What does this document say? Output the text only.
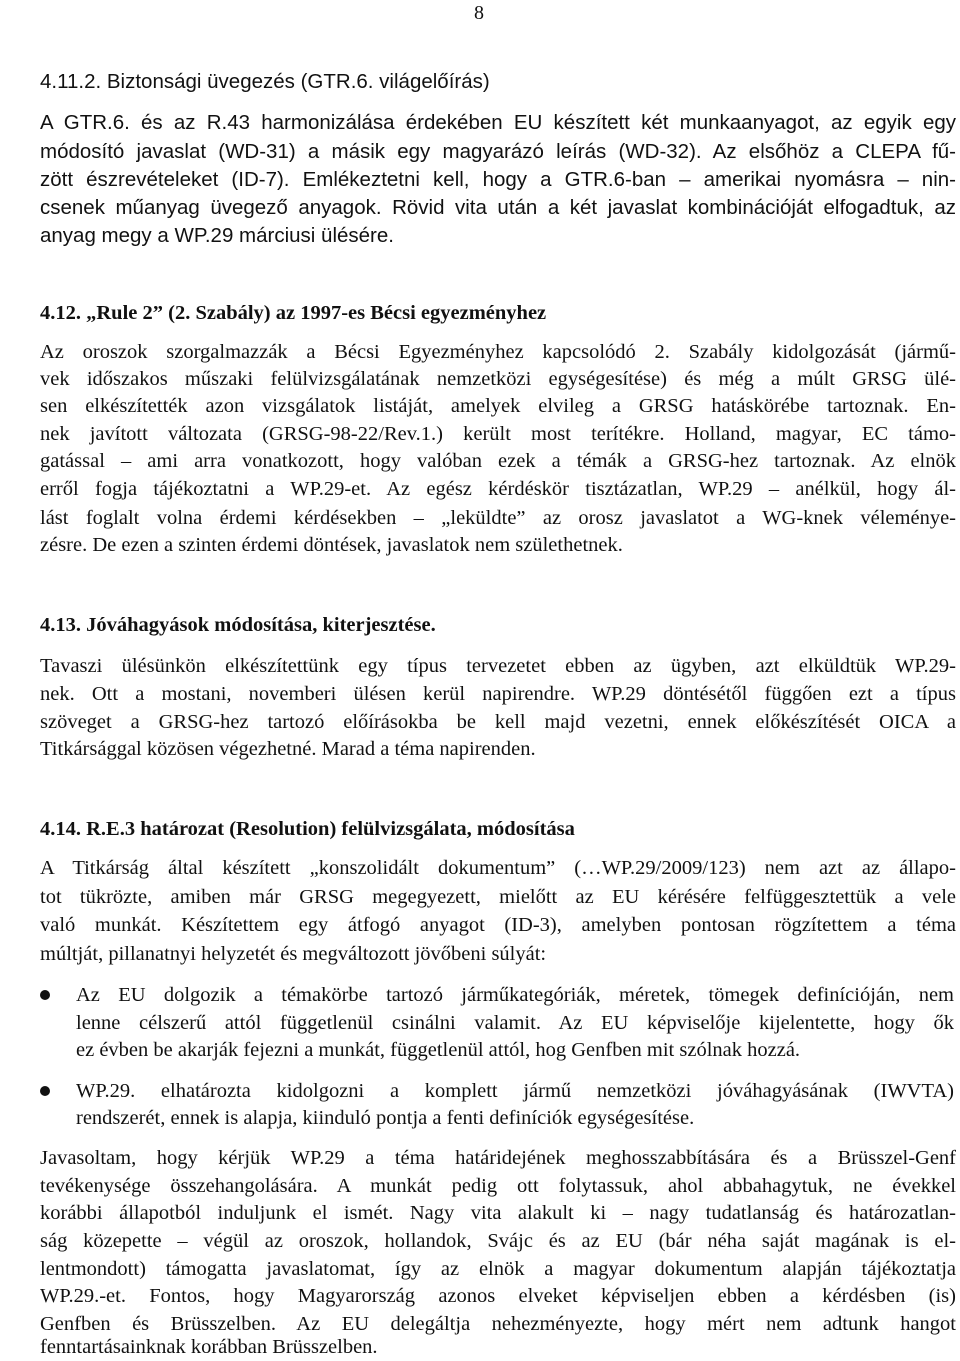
8
4.11.2. Biztonsági üvegezés (GTR.6. világelőírás)
A GTR.6. és az R.43 harmonizálása érdekében EU készített két munkaanyagot, az egyik egy
módosító javaslat (WD-31) a másik egy magyarázó leírás (WD-32). Az elsőhöz a CLEPA fű-
zött észrevételeket (ID-7). Emlékeztetni kell, hogy a GTR.6-ban – amerikai nyomásra – nin-
csenek műanyag üvegező anyagok. Rövid vita után a két javaslat kombinációját elfogadtuk, az
anyag megy a WP.29 márciusi ülésére.
4.12. „Rule 2” (2. Szabály) az 1997-es Bécsi egyezményhez
Az oroszok szorgalmazzák a Bécsi Egyezményhez kapcsolódó 2. Szabály kidolgozását (jármű-
vek időszakos műszaki felülvizsgálatának nemzetközi egységesítése) és még a múlt GRSG ülé-
sen elkészítették azon vizsgálatok listáját, amelyek elvileg a GRSG hatáskörébe tartoznak. En-
nek javított változata (GRSG-98-22/Rev.1.) került most terítékre. Holland, magyar, EC támo-
gatással – ami arra vonatkozott, hogy valóban ezek a témák a GRSG-hez tartoznak. Az elnök
erről fogja tájékoztatni a WP.29-et. Az egész kérdéskör tisztázatlan, WP.29 – anélkül, hogy ál-
lást foglalt volna érdemi kérdésekben – „leküldte” az orosz javaslatot a WG-knek véleménye-
zésre. De ezen a szinten érdemi döntések, javaslatok nem születhetnek.
4.13. Jóváhagyások módosítása, kiterjesztése.
Tavaszi ülésünkön elkészítettünk egy típus tervezetet ebben az ügyben, azt elküldtük WP.29-
nek. Ott a mostani, novemberi ülésen kerül napirendre. WP.29 döntésétől függően ezt a típus
szöveget a GRSG-hez tartozó előírásokba be kell majd vezetni, ennek előkészítését OICA a
Titkársággal közösen végezhetné. Marad a téma napirenden.
4.14. R.E.3 határozat (Resolution) felülvizsgálata, módosítása
A Titkárság által készített „konszolidált dokumentum” (…WP.29/2009/123) nem azt az állapo-
tot tükrözte, amiben már GRSG megegyezett, mielőtt az EU kérésére felfüggesztettük a vele
való munkát. Készítettem egy átfogó anyagot (ID-3), amelyben pontosan rögzítettem a téma
múltját, pillanatnyi helyzetét és megváltozott jövőbeni súlyát:
Az EU dolgozik a témakörbe tartozó járműkategóriák, méretek, tömegek definícióján, nem
lenne célszerű attól függetlenül csinálni valamit. Az EU képviselője kijelentette, hogy ők
ez évben be akarják fejezni a munkát, függetlenül attól, hog Genfben mit szólnak hozzá.
WP.29. elhatározta kidolgozni a komplett jármű nemzetközi jóváhagyásának (IWVTA)
rendszerét, ennek is alapja, kiinduló pontja a fenti definíciók egységesítése.
Javasoltam, hogy kérjük WP.29 a téma határidejének meghosszabbítására és a Brüsszel-Genf
tevékenysége összehangolására. A munkát pedig ott folytassuk, ahol abbahagytuk, ne évekkel
korábbi állapotból induljunk el ismét. Nagy vita alakult ki – nagy tudatlanság és határozatlan-
ság közepette – végül az oroszok, hollandok, Svájc és az EU (bár néha saját magának is el-
lentmondott) támogatta javaslatomat, így az elnök a magyar dokumentum alapján tájékoztatja
WP.29.-et. Fontos, hogy Magyarország azonos elveket képviseljen ebben a kérdésben (is)
Genfben és Brüsszelben. Az EU delegáltja nehezményezte, hogy mért nem adtunk hangot
fenntartásainknak korábban Brüsszelben.
